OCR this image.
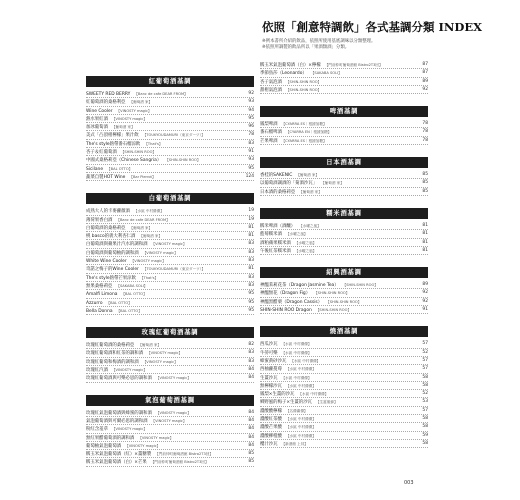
依照「創意特調飲」各式基調分類 INDEX
※例本書所介紹的飲品，依照所使用基底調味以分類整理。
※依照所調製的飲品所以「果酒類酒」分類。
紅葡萄酒基調
SWEETY RED BERRY 【Banc de cafe DEAR FROM】	92
紅葡萄酒的桑格利亞 【葡萄酒 家】	93
Wine Cooler 【VINOSTY magic】	94
熱水果紅酒 【VINOSTY magic】	95
加冰葡萄酒 【葡萄酒 家】	96
美式「凸頂柑檸檬」果汁飲 【TOUKYOUDAMURI（東京ダーツ）】	78
The's style熱帶番石榴涼飲 【That's】	83
杏子＆紅葡萄酒 【SHIN-SHIN ROO】	91
中國式桑格莉亞（Chinese Sangria） 【SHIN-SHIN ROO】	93
Sicilane 【BAL OTTO】	95
蔬菜自製HOT Wine 【Bar Pierrot】	124
白葡萄酒基調
成熟大人的卡麥蘿薇酒 【水區 中村優優】	19
薄荷果香白酒 【Banc de cafe DEAR FROM】	19
白葡萄酒的桑格莉亞 【葡萄酒 家】	81
桃 basco的義大利杏仁酒 【葡萄酒 家】	81
白葡萄酒與蘋果汁汽水的調和酒 【VINOSTY magic】	83
白葡萄酒與葡萄柚的調和酒 【VINOSTY magic】	83
White Wine Cooler 【VINOSTY magic】	83
奇諾之梅子的Wine Cooler 【TOUKYOUDAMURI（東京ダーツ）】	81
The's style熱帶芒果涼飲 【That's】	83
無果桑格莉亞 【SAKABA SOLI】	83
Amalfi Limona 【BAL OTTO】	95
Azzurro 【BAL OTTO】	95
Bella Donna 【BAL OTTO】	95
玫瑰紅葡萄酒基調
玫瑰紅葡萄酒的桑格莉亞 【葡萄酒 家】	82
玫瑰紅葡萄酒和紅茶的調和酒 【VINOSTY magic】	83
玫瑰紅葡萄和梅酒的調和酒 【VINOSTY magic】	83
玫瑰紅汽酒 【VINOSTY magic】	84
玫瑰紅葡萄酒與可樂必思的調和酒 【VINOSTY magic】	84
氣泡葡萄酒基調
玫瑰紅氣泡葡萄酒與蜂蜜的調和酒 【VINOSTY magic】	84
氣泡葡萄酒與可爾必思的調和酒 【VINOSTY magic】	84
粉紅含羞草 【VINOSTY magic】	84
無紅果醋葡萄酒的調和酒 【VINOSTY magic】	84
葡萄柚氣泡葡萄酒 【VINOSTY magic】	84
糯玉米氣泡葡萄酒（紅）×薑糖漿 【門前仲町葡萄酒館 Bistro2T3回】	85
糯玉米氣泡葡萄酒（白）×芒果 【門前仲町葡萄酒館 Bistro2T3回】	85
糯玉米氣泡葡萄酒（白）×檸檬 【門前仲町葡萄酒館 Bistro2T3回】	87
季節鳥莎（Leonardo） 【SAKABA SOLI】	87
杏子氣泡酒 【SHIN-SHIN ROO】	89
甜柑氣泡酒 【SHIN-SHIN ROO】	92
啤酒基調
鳳梨啤酒 【CYARRA ES｜根據加糖】	78
番石榴啤酒 【CYARRA EN｜根據加糖】	78
芒果啤酒 【CYARRA ES｜根據加糖】	78
日本酒基調
香桂的SAKENIC 【葡萄酒 家】	85
以葡萄酒調酒的「菊酒沙瓦」 【葡萄酒 家】	85
日本酒的桑格莉亞 【葡萄酒 家】	85
糯米酒基調
糯米啤酒（酒釀） 【水曜之風】	81
藍莓糯米酒 【水曜之風】	81
酒粕蘋果糯米酒 【水曜之風】	81
午後紅茶糯米酒 【水曜之風】	81
紹興酒基調
神醞茉莉花茶（Dragon Jasmine Tea） 【SHIN-SHIN ROO】	89
神醞無花（Dragon Fig） 【SHIN-SHIN ROO】	92
神醞黑醋栗（Dragon Cassis） 【SHIN-SHIN ROO】	92
SHIN-SHIN ROO Dragon 【SHIN-SHIN ROO】	91
燒酒基調
西瓜沙瓦 【水區 中村優優】	57
牛蒡可樂 【水區 中村優優】	52
蜂蜜黃砂沙瓦 【水區 中村優優】	57
西柚蘿蔓莓 【水區 中村優優】	57
生薑沙瓦 【水區 中村優優】	58
無檸檬沙瓦 【水區 中村優優】	58
鳳梨×生薑的沙瓦 【水區 中村優優】	52
鄉野風的梅子×生薑的沙瓦 【生薑蜜蜂】	53
濃酸酸檸檬 【名優庸優】	57
濃酸紅茶酸 【水區 中村優優】	58
濃酸芒果酸 【水區 中村優優】	58
濃酸柳橙酸 【水區 中村優優】	59
櫻汁沙瓦 【新酒館 上邦】	58
003
